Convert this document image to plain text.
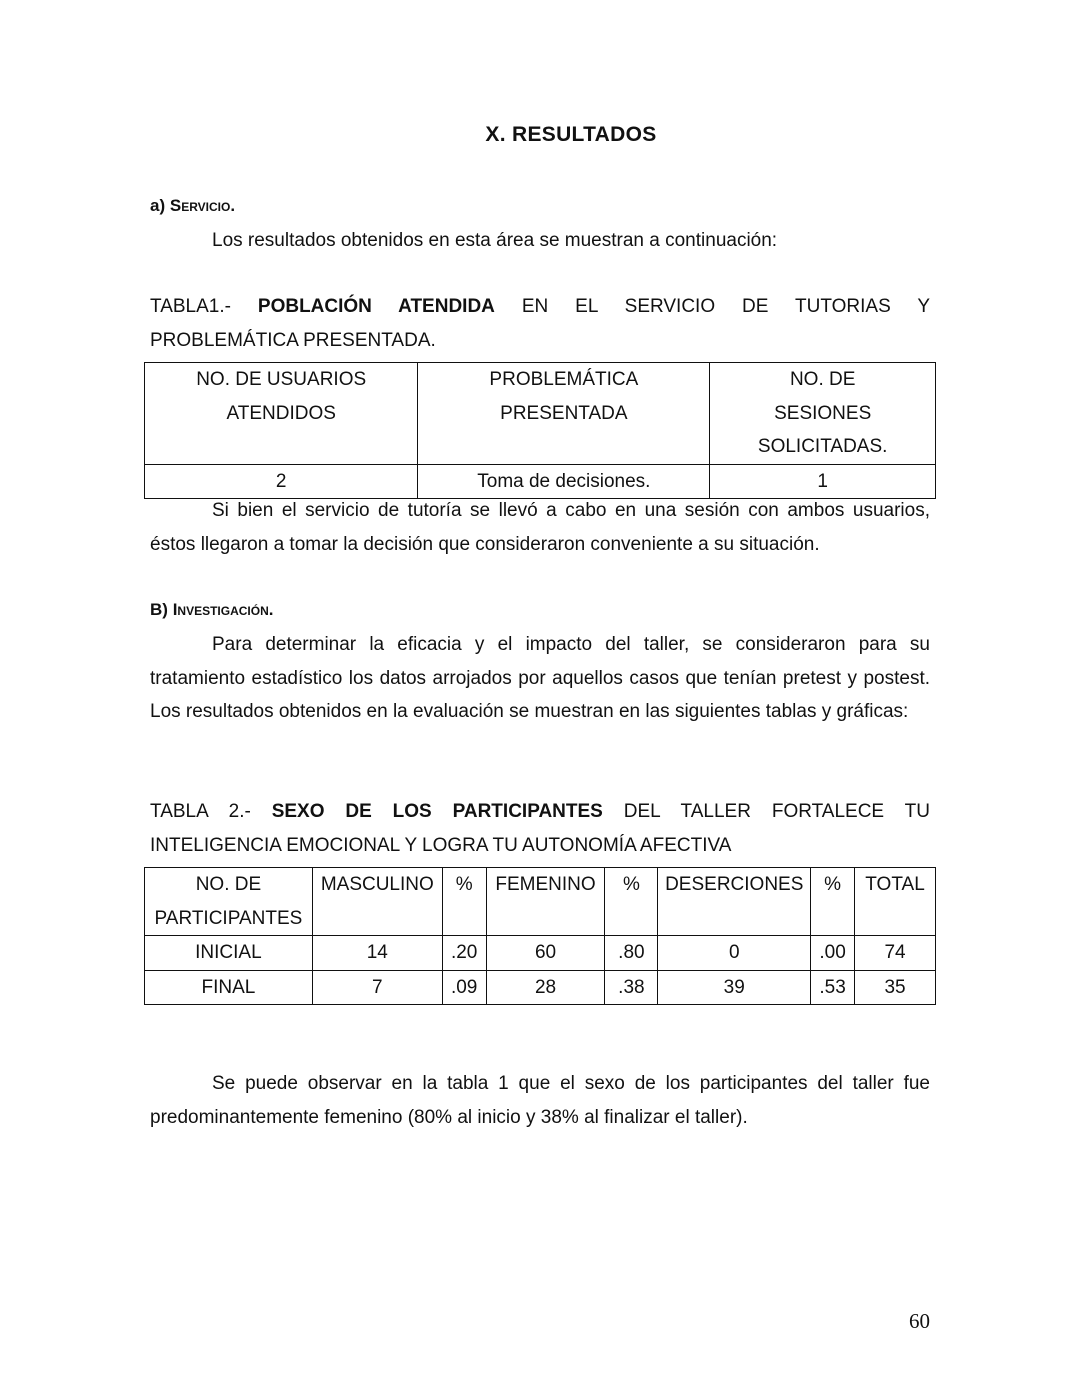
X. RESULTADOS
a) Servicio.
Los resultados obtenidos en esta área se muestran a continuación:
TABLA1.- POBLACIÓN ATENDIDA EN EL SERVICIO DE TUTORIAS Y
PROBLEMÁTICA PRESENTADA.
NO. DE USUARIOS ATENDIDOS	PROBLEMÁTICA PRESENTADA	NO. DE SESIONES SOLICITADAS.
2	Toma de decisiones.	1
Si bien el servicio de tutoría se llevó a cabo en una sesión con ambos usuarios, éstos llegaron a tomar la decisión que consideraron conveniente a su situación.
B) Investigación.
Para determinar la eficacia y el impacto del taller, se consideraron para su tratamiento estadístico los datos arrojados por aquellos casos que tenían pretest y postest. Los resultados obtenidos en la evaluación se muestran en las siguientes tablas y gráficas:
TABLA 2.- SEXO DE LOS PARTICIPANTES DEL TALLER FORTALECE TU
INTELIGENCIA EMOCIONAL Y LOGRA TU AUTONOMÍA AFECTIVA
NO. DE PARTICIPANTES	MASCULINO	%	FEMENINO	%	DESERCIONES	%	TOTAL
INICIAL	14	.20	60	.80	0	.00	74
FINAL	7	.09	28	.38	39	.53	35
Se puede observar en la tabla 1 que el sexo de los participantes del taller fue predominantemente femenino (80% al inicio y 38% al finalizar el taller).
60
